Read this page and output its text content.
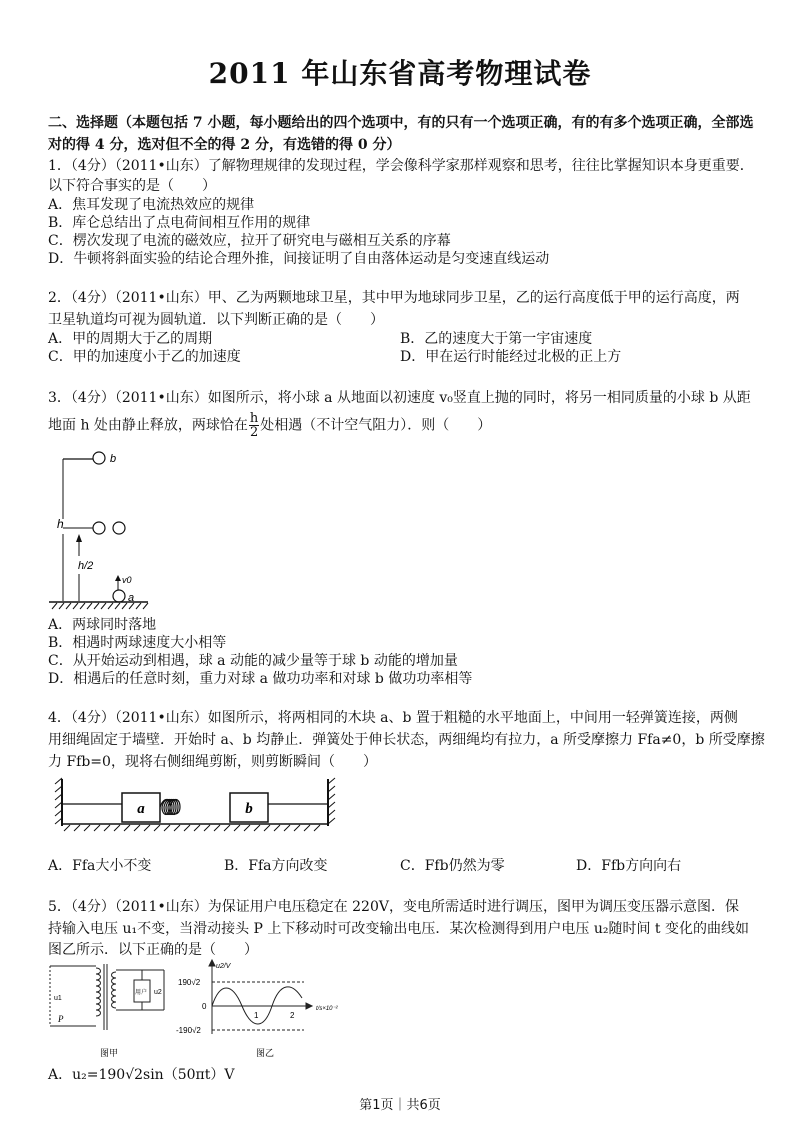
2011 年山东省高考物理试卷
二、选择题（本题包括 7 小题，每小题给出的四个选项中，有的只有一个选项正确，有的有多个选项正确，全部选对的得 4 分，选对但不全的得 2 分，有选错的得 0 分）
1．（4分）（2011•山东）了解物理规律的发现过程，学会像科学家那样观察和思考，往往比掌握知识本身更重要．
以下符合事实的是（　　）
A．焦耳发现了电流热效应的规律
B．库仑总结出了点电荷间相互作用的规律
C．楞次发现了电流的磁效应，拉开了研究电与磁相互关系的序幕
D．牛顿将斜面实验的结论合理外推，间接证明了自由落体运动是匀变速直线运动
2．（4分）（2011•山东）甲、乙为两颗地球卫星，其中甲为地球同步卫星，乙的运行高度低于甲的运行高度，两
卫星轨道均可视为圆轨道．以下判断正确的是（　　）
A．甲的周期大于乙的周期	B．乙的速度大于第一宇宙速度
C．甲的加速度小于乙的加速度	D．甲在运行时能经过北极的正上方
3．（4分）（2011•山东）如图所示，将小球 a 从地面以初速度 v₀竖直上抛的同时，将另一相同质量的小球 b 从距
地面 h 处由静止释放，两球恰在 $\frac{h}{2}$ 处相遇（不计空气阻力）．则（　　）
b
h
h/2
v0
a
A．两球同时落地
B．相遇时两球速度大小相等
C．从开始运动到相遇，球 a 动能的减少量等于球 b 动能的增加量
D．相遇后的任意时刻，重力对球 a 做功功率和对球 b 做功功率相等
4．（4分）（2011•山东）如图所示，将两相同的木块 a、b 置于粗糙的水平地面上，中间用一轻弹簧连接，两侧
用细绳固定于墙壁．开始时 a、b 均静止．弹簧处于伸长状态，两细绳均有拉力，a 所受摩擦力 Ffa≠0，b 所受摩擦
力 Ffb=0，现将右侧细绳剪断，则剪断瞬间（　　）
a	b
A．Ffa大小不变	B．Ffa方向改变	C．Ffb仍然为零	D．Ffb方向向右
5．（4分）（2011•山东）为保证用户电压稳定在 220V，变电所需适时进行调压，图甲为调压变压器示意图．保
持输入电压 u₁不变，当滑动接头 P 上下移动时可改变输出电压．某次检测得到用户电压 u₂随时间 t 变化的曲线如
图乙所示．以下正确的是（　　）
u1
用户 u2
P
图甲
u2/V
190√2
0
-190√2
1	2
t/s×10⁻²
图乙
A．u₂=190√2sin（50πt）V
第1页｜共6页
